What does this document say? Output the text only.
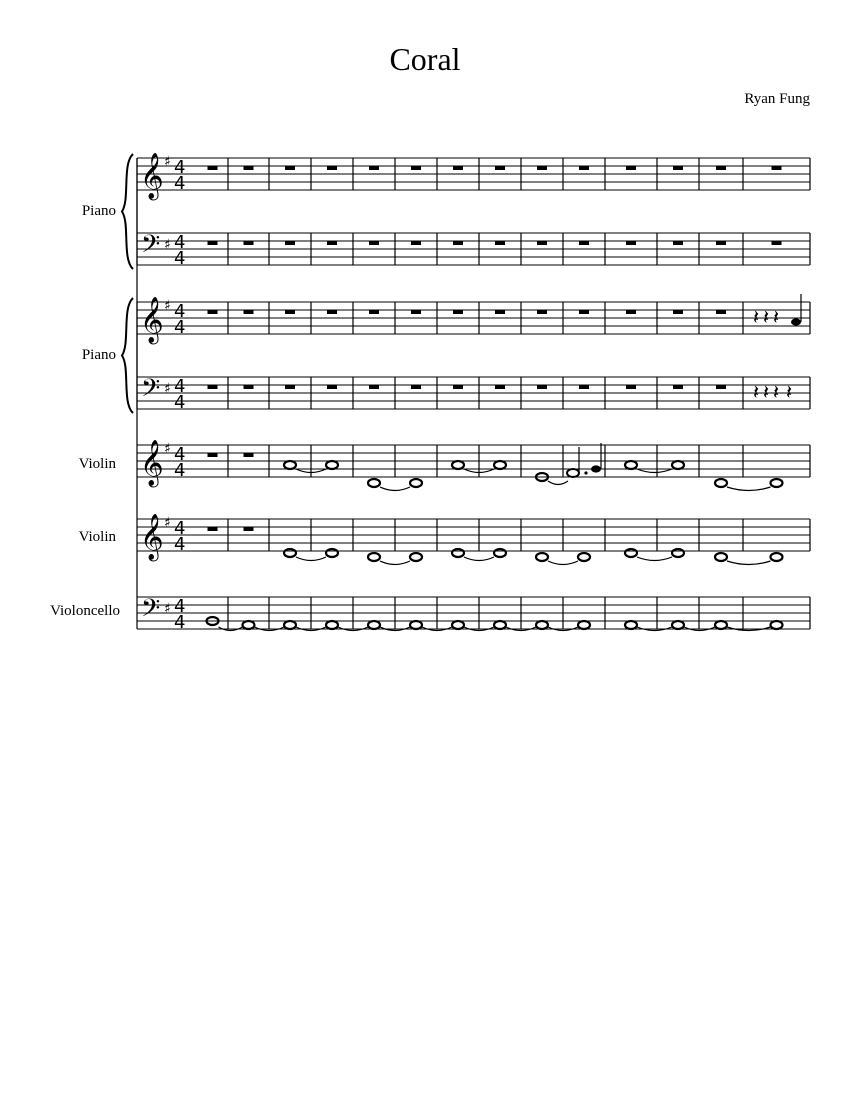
Coral
Ryan Fung
Piano
Piano
Violin
Violin
Violoncello
𝄞 ♯ 4
4
𝄢 ♯ 4
4
𝄞 ♯ 4
4
𝄢 ♯ 4
4
𝄞 ♯ 4
4
𝄞 ♯ 4
4
𝄢 ♯ 4
4
𝄽 𝄽 𝄽
𝄽 𝄽 𝄽 𝄽
